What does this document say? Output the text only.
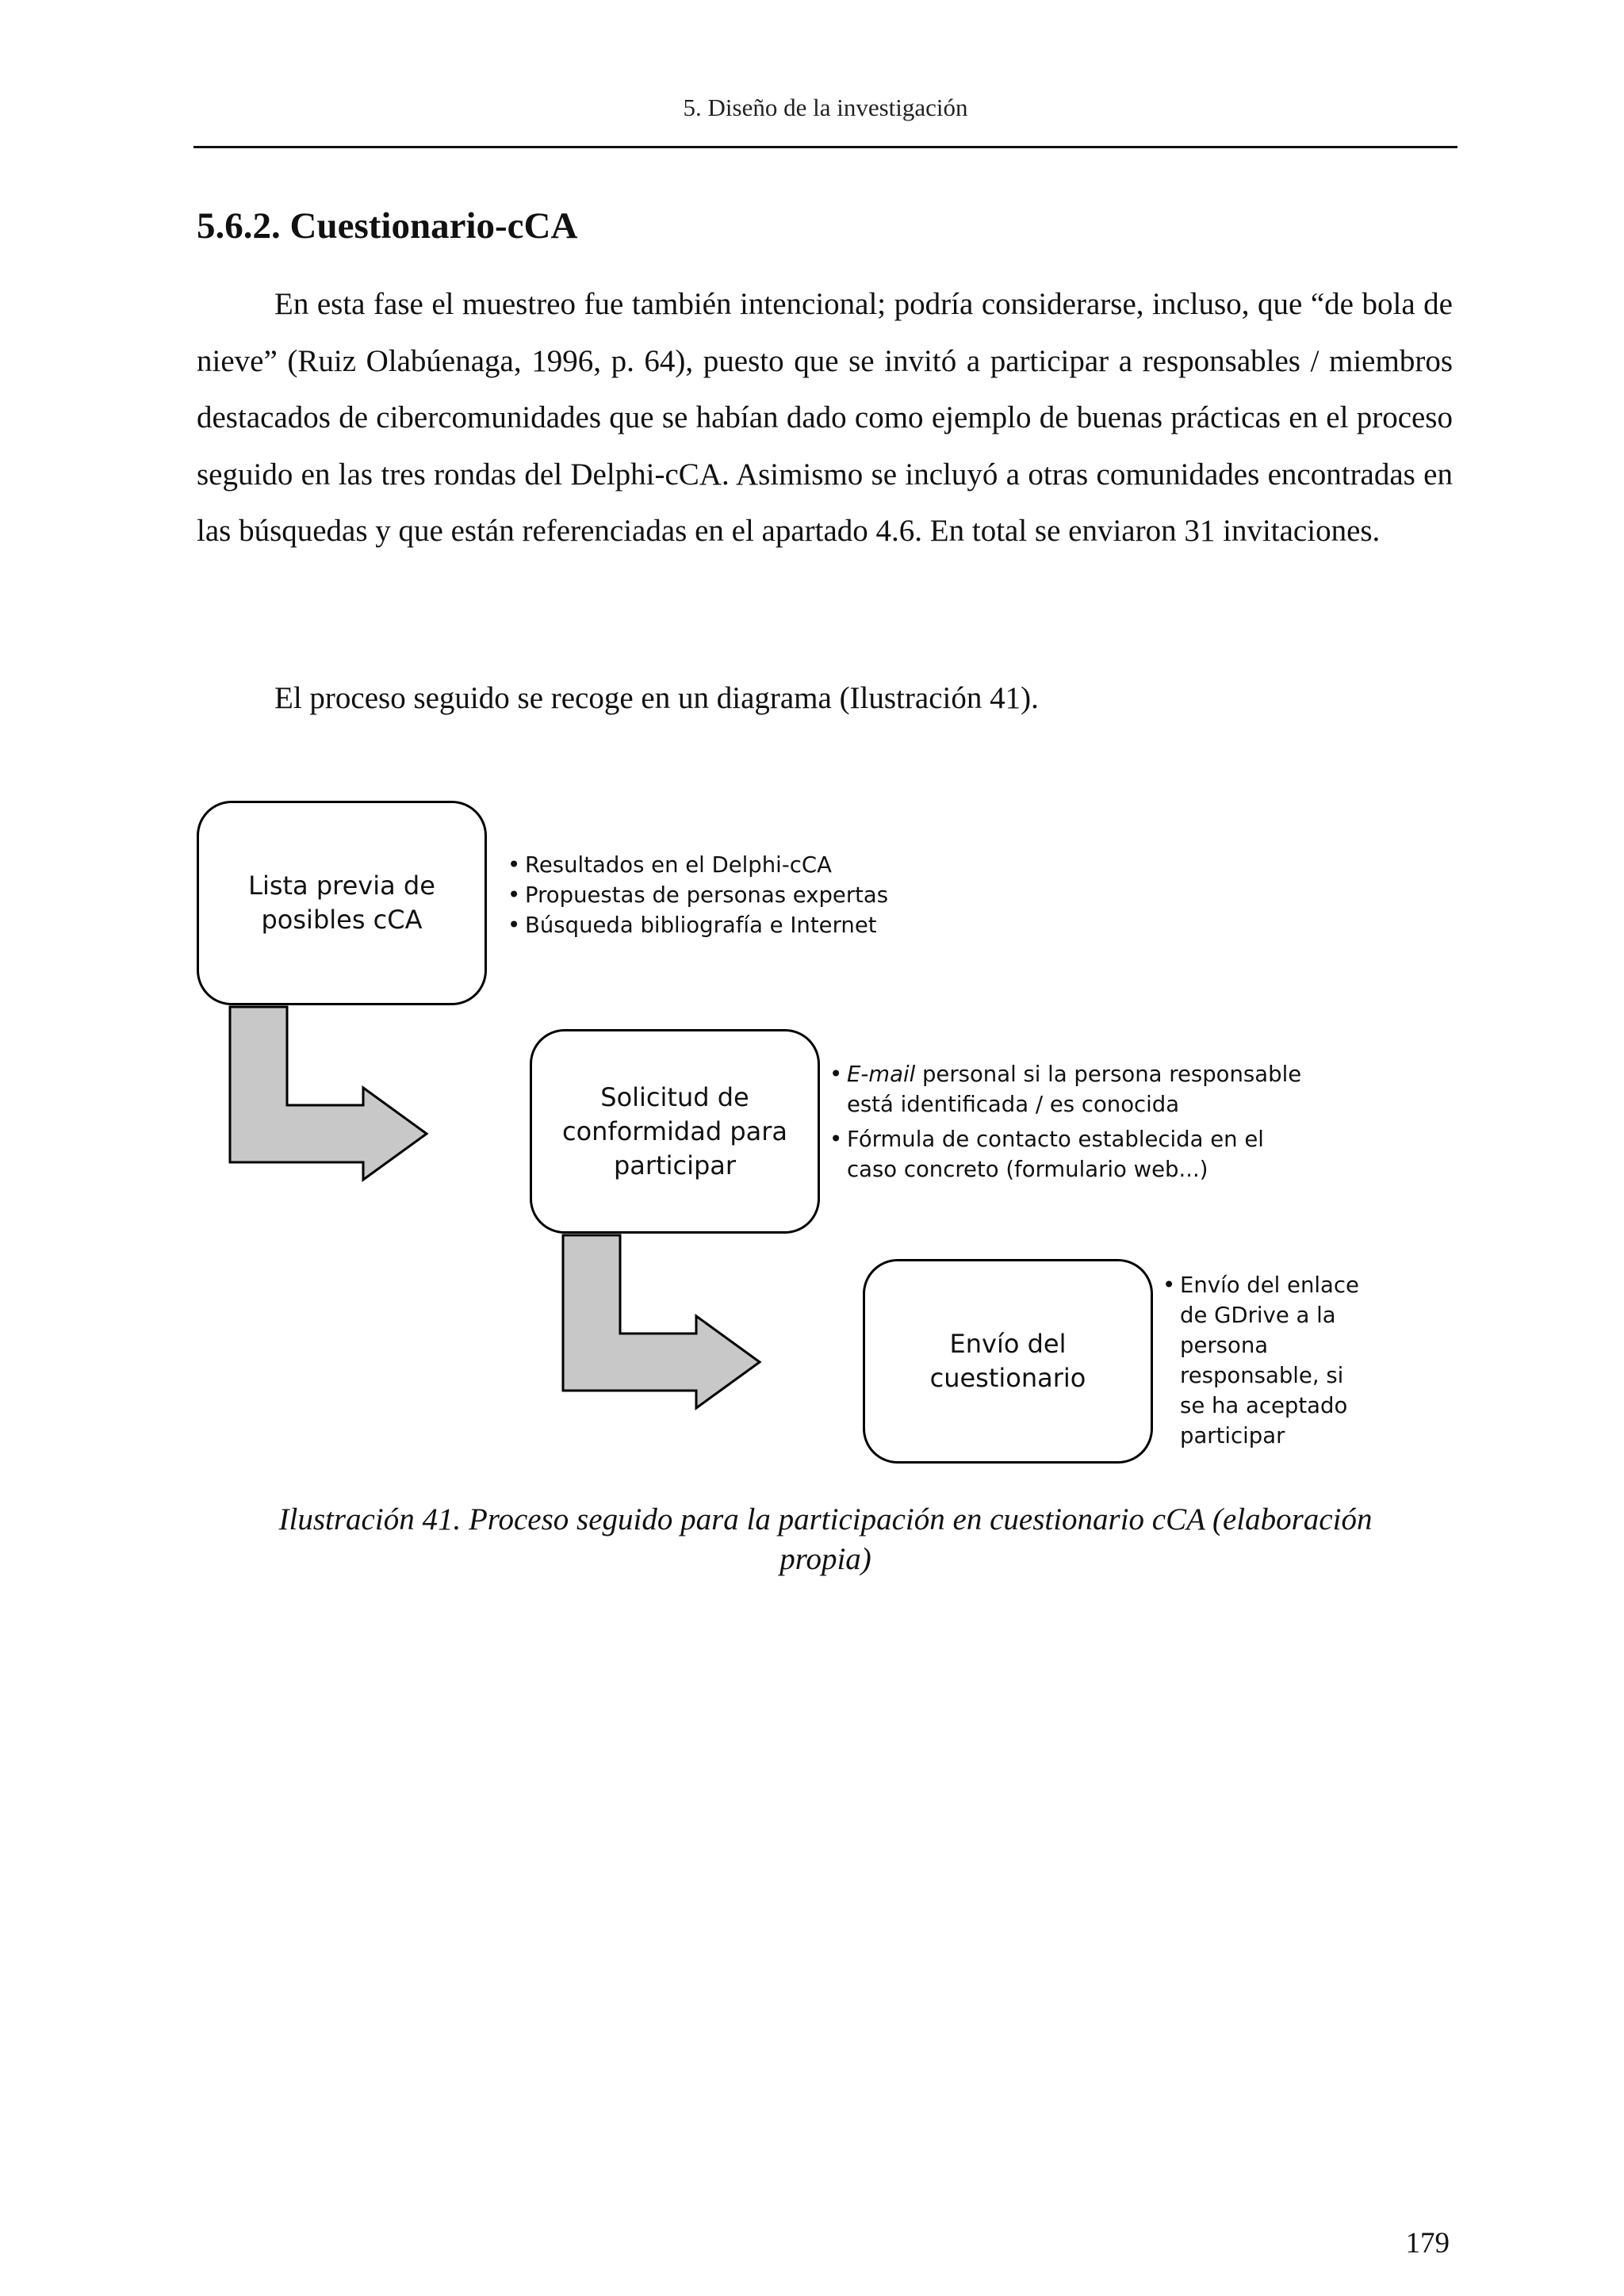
5. Diseño de la investigación
5.6.2. Cuestionario-cCA

En esta fase el muestreo fue también intencional; podría considerarse, incluso, que “de bola de nieve” (Ruiz Olabúenaga, 1996, p. 64), puesto que se invitó a participar a responsables / miembros destacados de cibercomunidades que se habían dado como ejemplo de buenas prácticas en el proceso seguido en las tres rondas del Delphi-cCA. Asimismo se incluyó a otras comunidades encontradas en las búsquedas y que están referenciadas en el apartado 4.6. En total se enviaron 31 invitaciones.

El proceso seguido se recoge en un diagrama (Ilustración 41).

Lista previa de
posibles cCA
• Resultados en el Delphi-cCA
• Propuestas de personas expertas
• Búsqueda bibliografía e Internet
Solicitud de
conformidad para
participar
• E-mail personal si la persona responsable
está identificada / es conocida
• Fórmula de contacto establecida en el
caso concreto (formulario web...)
Envío del
cuestionario
• Envío del enlace
de GDrive a la
persona
responsable, si
se ha aceptado
participar
Ilustración 41. Proceso seguido para la participación en cuestionario cCA (elaboración
propia)
179
